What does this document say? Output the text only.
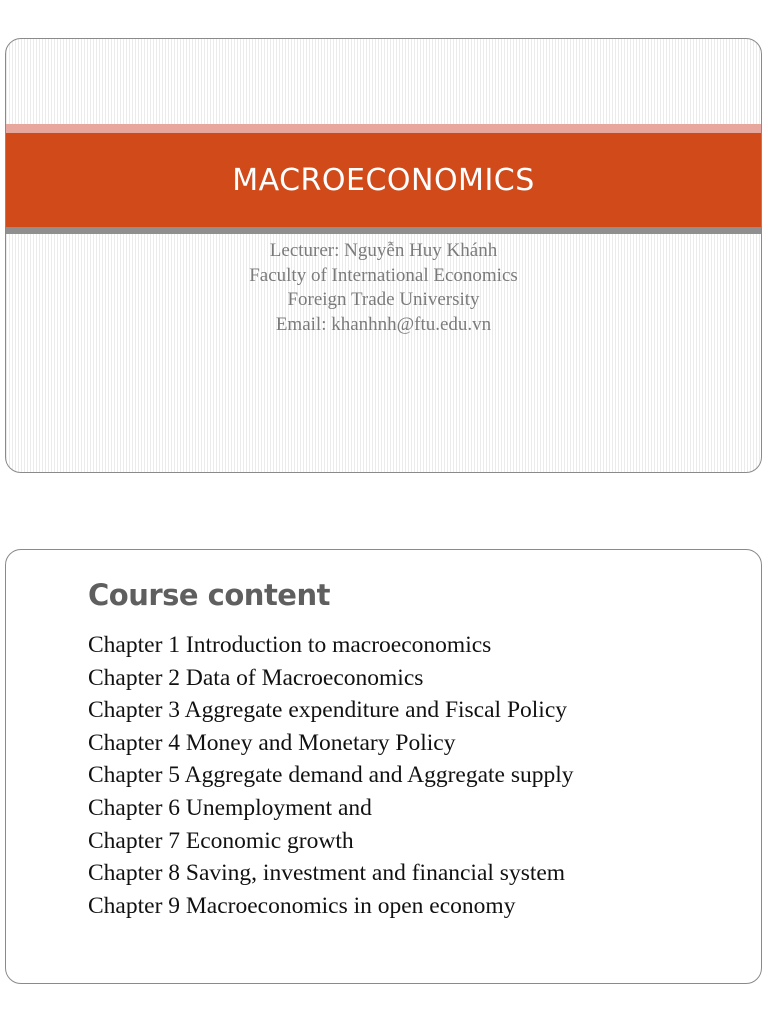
MACROECONOMICS
Lecturer: Nguyễn Huy Khánh
Faculty of International Economics
Foreign Trade University
Email: khanhnh@ftu.edu.vn
Course content
Chapter 1 Introduction to macroeconomics
Chapter 2 Data of Macroeconomics
Chapter 3 Aggregate expenditure and Fiscal Policy
Chapter 4 Money and Monetary Policy
Chapter 5 Aggregate demand and Aggregate supply
Chapter 6 Unemployment and
Chapter 7 Economic growth
Chapter 8 Saving, investment and financial system
Chapter 9 Macroeconomics in open economy
